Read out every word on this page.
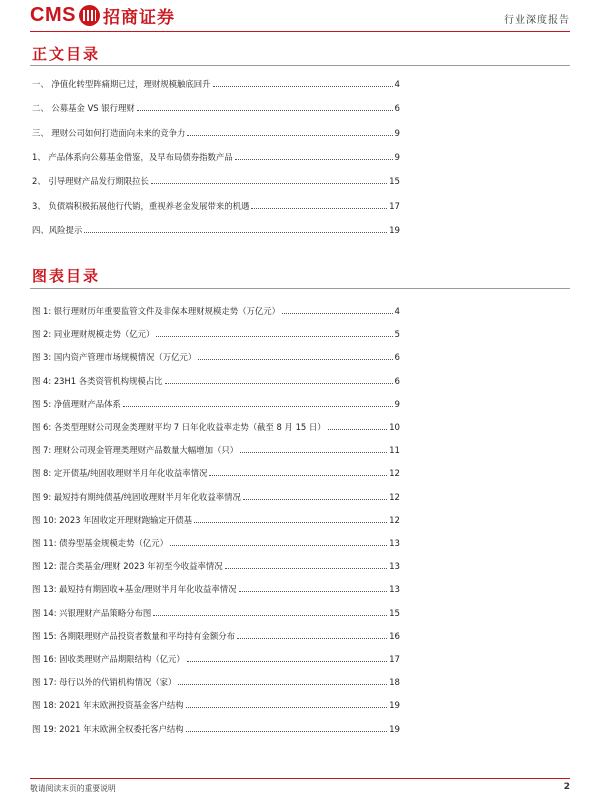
CMS 招商证券	行业深度报告
正文目录
一、 净值化转型阵痛期已过，理财规模触底回升	4
二、 公募基金 VS 银行理财	6
三、 理财公司如何打造面向未来的竞争力	9
1、 产品体系向公募基金借鉴，及早布局债券指数产品	9
2、 引导理财产品发行期限拉长	15
3、 负债端积极拓展他行代销，重视养老金发展带来的机遇	17
四、风险提示	19
图表目录
图 1: 银行理财历年重要监管文件及非保本理财规模走势（万亿元）	4
图 2: 同业理财规模走势（亿元）	5
图 3: 国内资产管理市场规模情况（万亿元）	6
图 4: 23H1 各类资管机构规模占比	6
图 5: 净值理财产品体系	9
图 6: 各类型理财公司现金类理财平均 7 日年化收益率走势（截至 8 月 15 日）	10
图 7: 理财公司现金管理类理财产品数量大幅增加（只）	11
图 8: 定开债基/纯固收理财半月年化收益率情况	12
图 9: 最短持有期纯债基/纯固收理财半月年化收益率情况	12
图 10: 2023 年固收定开理财跑输定开债基	12
图 11: 债券型基金规模走势（亿元）	13
图 12: 混合类基金/理财 2023 年初至今收益率情况	13
图 13: 最短持有期固收+基金/理财半月年化收益率情况	13
图 14: 兴银理财产品策略分布图	15
图 15: 各期限理财产品投资者数量和平均持有金额分布	16
图 16: 固收类理财产品期限结构（亿元）	17
图 17: 母行以外的代销机构情况（家）	18
图 18: 2021 年末欧洲投资基金客户结构	19
图 19: 2021 年末欧洲全权委托客户结构	19
敬请阅读末页的重要说明	2
